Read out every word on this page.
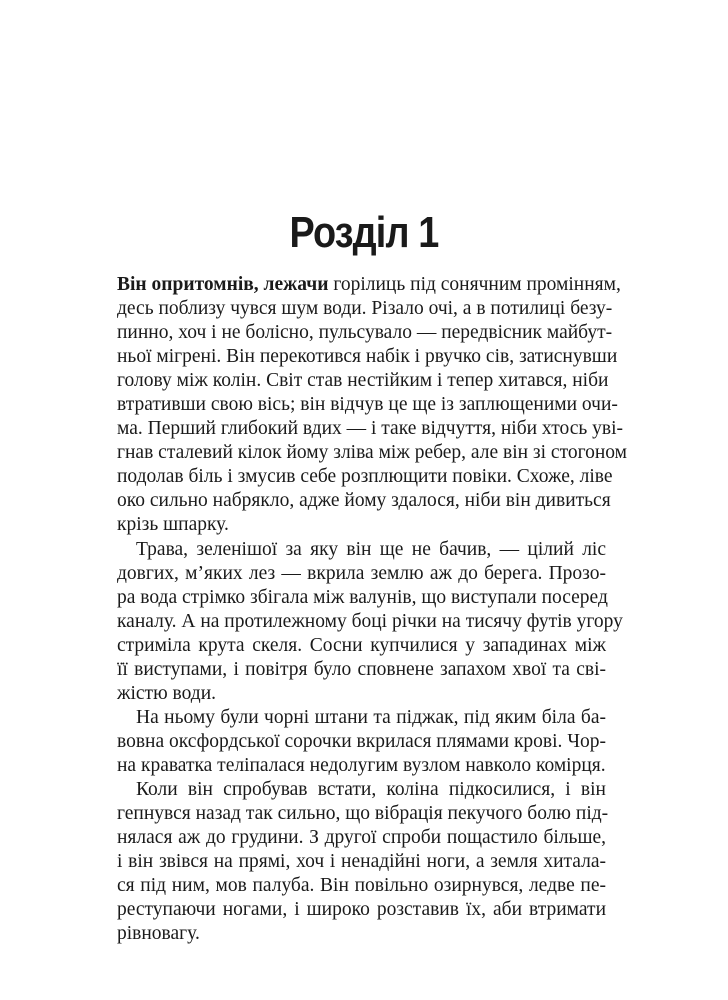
Розділ 1
Він опритомнів, лежачи горілиць під сонячним промінням,
десь поблизу чувся шум води. Різало очі, а в потилиці безу-
пинно, хоч і не болісно, пульсувало — передвісник майбут-
ньої мігрені. Він перекотився набік і рвучко сів, затиснувши
голову між колін. Світ став нестійким і тепер хитався, ніби
втративши свою вісь; він відчув це ще із заплющеними очи-
ма. Перший глибокий вдих — і таке відчуття, ніби хтось уві-
гнав сталевий кілок йому зліва між ребер, але він зі стогоном
подолав біль і змусив себе розплющити повіки. Схоже, ліве
око сильно набрякло, адже йому здалося, ніби він дивиться
крізь шпарку.
Трава, зеленішої за яку він ще не бачив, — цілий ліс
довгих, м’яких лез — вкрила землю аж до берега. Прозо-
ра вода стрімко збігала між валунів, що виступали посеред
каналу. А на протилежному боці річки на тисячу футів угору
стриміла крута скеля. Сосни купчилися у западинах між
її виступами, і повітря було сповнене запахом хвої та сві-
жістю води.
На ньому були чорні штани та піджак, під яким біла ба-
вовна оксфордської сорочки вкрилася плямами крові. Чор-
на краватка теліпалася недолугим вузлом навколо комірця.
Коли він спробував встати, коліна підкосилися, і він
гепнувся назад так сильно, що вібрація пекучого болю під-
нялася аж до грудини. З другої спроби пощастило більше,
і він звівся на прямі, хоч і ненадійні ноги, а земля хитала-
ся під ним, мов палуба. Він повільно озирнувся, ледве пе-
реступаючи ногами, і широко розставив їх, аби втримати
рівновагу.
